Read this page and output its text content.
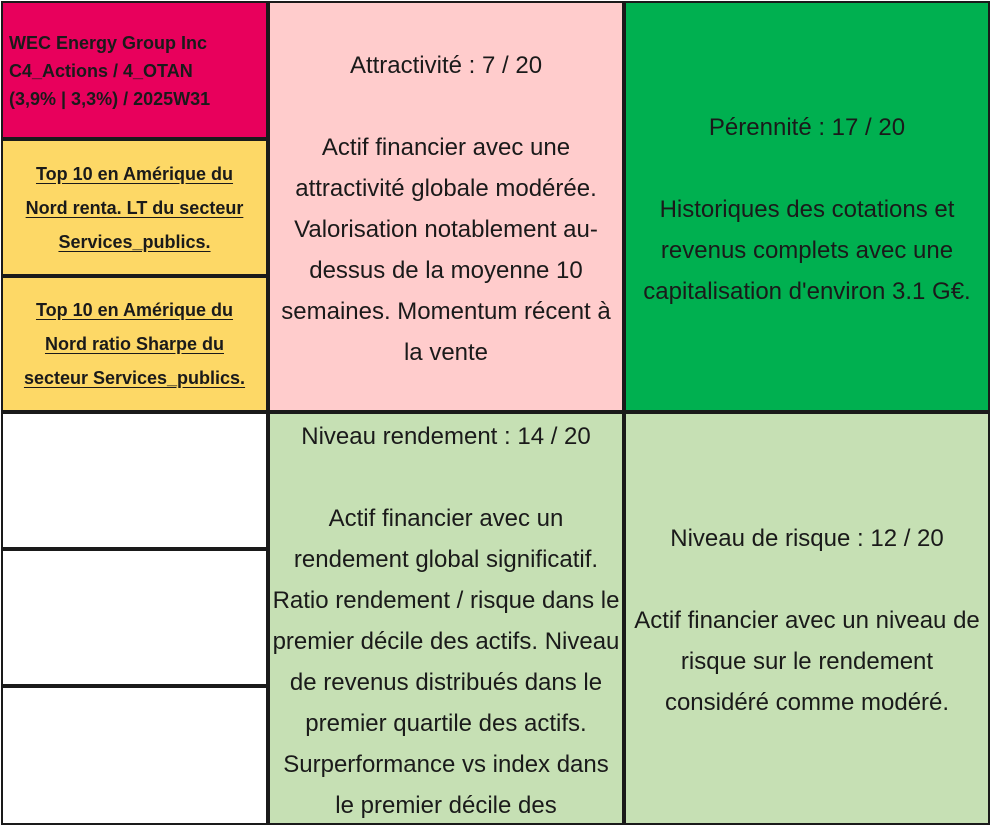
WEC Energy Group Inc
C4_Actions / 4_OTAN
(3,9% | 3,3%) / 2025W31
Top 10 en Amérique du Nord renta. LT du secteur Services_publics.
Top 10 en Amérique du Nord ratio Sharpe du secteur Services_publics.
Attractivité : 7 / 20
Actif financier avec une attractivité globale modérée. Valorisation notablement au-dessus de la moyenne 10 semaines. Momentum récent à la vente
Pérennité : 17 / 20
Historiques des cotations et revenus complets avec une capitalisation d'environ 3.1 G€.
Niveau rendement : 14 / 20
Actif financier avec un rendement global significatif. Ratio rendement / risque dans le premier décile des actifs. Niveau de revenus distribués dans le premier quartile des actifs. Surperformance vs index dans le premier décile des
Niveau de risque : 12 / 20
Actif financier avec un niveau de risque sur le rendement considéré comme modéré.
